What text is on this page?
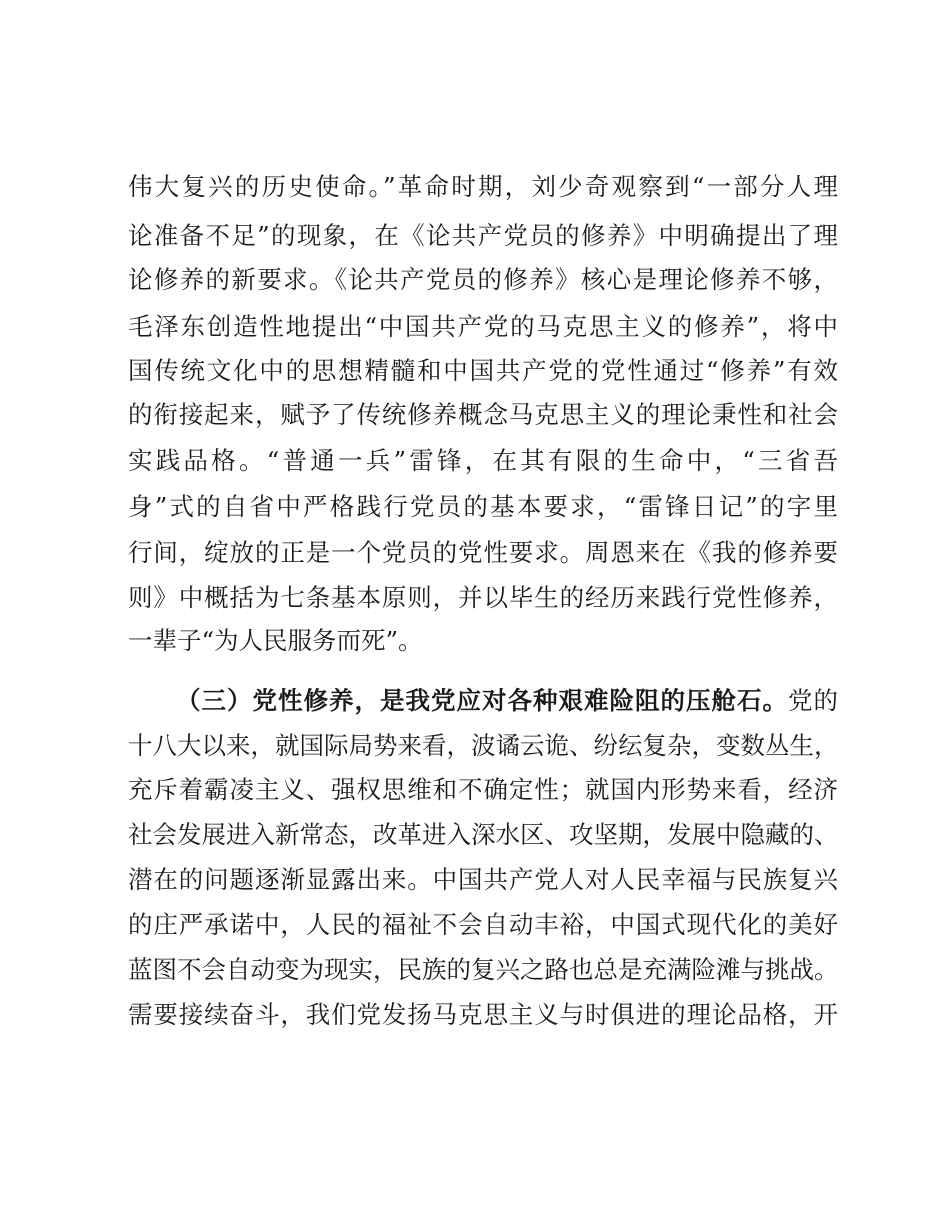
伟大复兴的历史使命。”革命时期，刘少奇观察到“一部分人理
论准备不足”的现象，在《论共产党员的修养》中明确提出了理
论修养的新要求。《论共产党员的修养》核心是理论修养不够，
毛泽东创造性地提出“中国共产党的马克思主义的修养”，将中
国传统文化中的思想精髓和中国共产党的党性通过“修养”有效
的衔接起来，赋予了传统修养概念马克思主义的理论秉性和社会
实践品格。“普通一兵”雷锋，在其有限的生命中，“三省吾
身”式的自省中严格践行党员的基本要求，“雷锋日记”的字里
行间，绽放的正是一个党员的党性要求。周恩来在《我的修养要
则》中概括为七条基本原则，并以毕生的经历来践行党性修养，
一辈子“为人民服务而死”。
（三）党性修养，是我党应对各种艰难险阻的压舱石。党的
十八大以来，就国际局势来看，波谲云诡、纷纭复杂，变数丛生，
充斥着霸凌主义、强权思维和不确定性；就国内形势来看，经济
社会发展进入新常态，改革进入深水区、攻坚期，发展中隐藏的、
潜在的问题逐渐显露出来。中国共产党人对人民幸福与民族复兴
的庄严承诺中，人民的福祉不会自动丰裕，中国式现代化的美好
蓝图不会自动变为现实，民族的复兴之路也总是充满险滩与挑战。
需要接续奋斗，我们党发扬马克思主义与时俱进的理论品格，开
